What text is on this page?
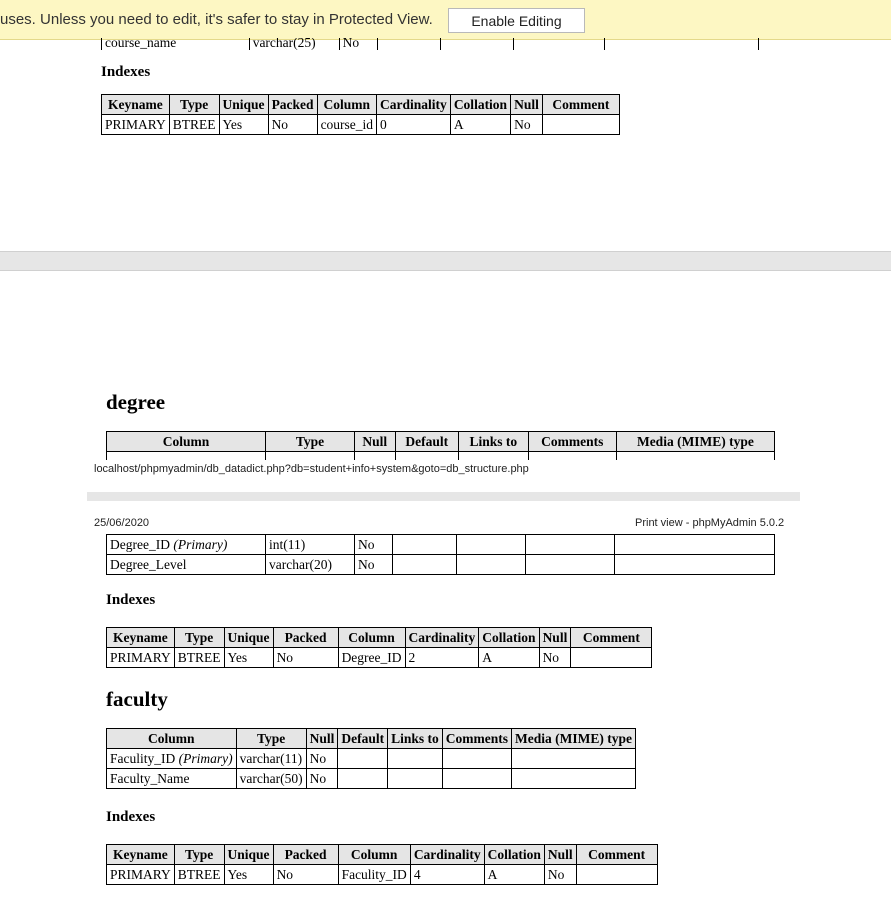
uses. Unless you need to edit, it's safer to stay in Protected View.	Enable Editing
course_name	varchar(25)	No				
Indexes
Keyname	Type	Unique	Packed	Column	Cardinality	Collation	Null	Comment
PRIMARY	BTREE	Yes	No	course_id	0	A	No	
degree
Column	Type	Null	Default	Links to	Comments	Media (MIME) type

localhost/phpmyadmin/db_datadict.php?db=student+info+system&goto=db_structure.php
25/06/2020	Print view - phpMyAdmin 5.0.2
Degree_ID (Primary)	int(11)	No				
Degree_Level	varchar(20)	No				
Indexes
Keyname	Type	Unique	Packed	Column	Cardinality	Collation	Null	Comment
PRIMARY	BTREE	Yes	No	Degree_ID	2	A	No	
faculty
Column	Type	Null	Default	Links to	Comments	Media (MIME) type
Faculity_ID (Primary)	varchar(11)	No				
Faculty_Name	varchar(50)	No				
Indexes
Keyname	Type	Unique	Packed	Column	Cardinality	Collation	Null	Comment
PRIMARY	BTREE	Yes	No	Faculity_ID	4	A	No	
